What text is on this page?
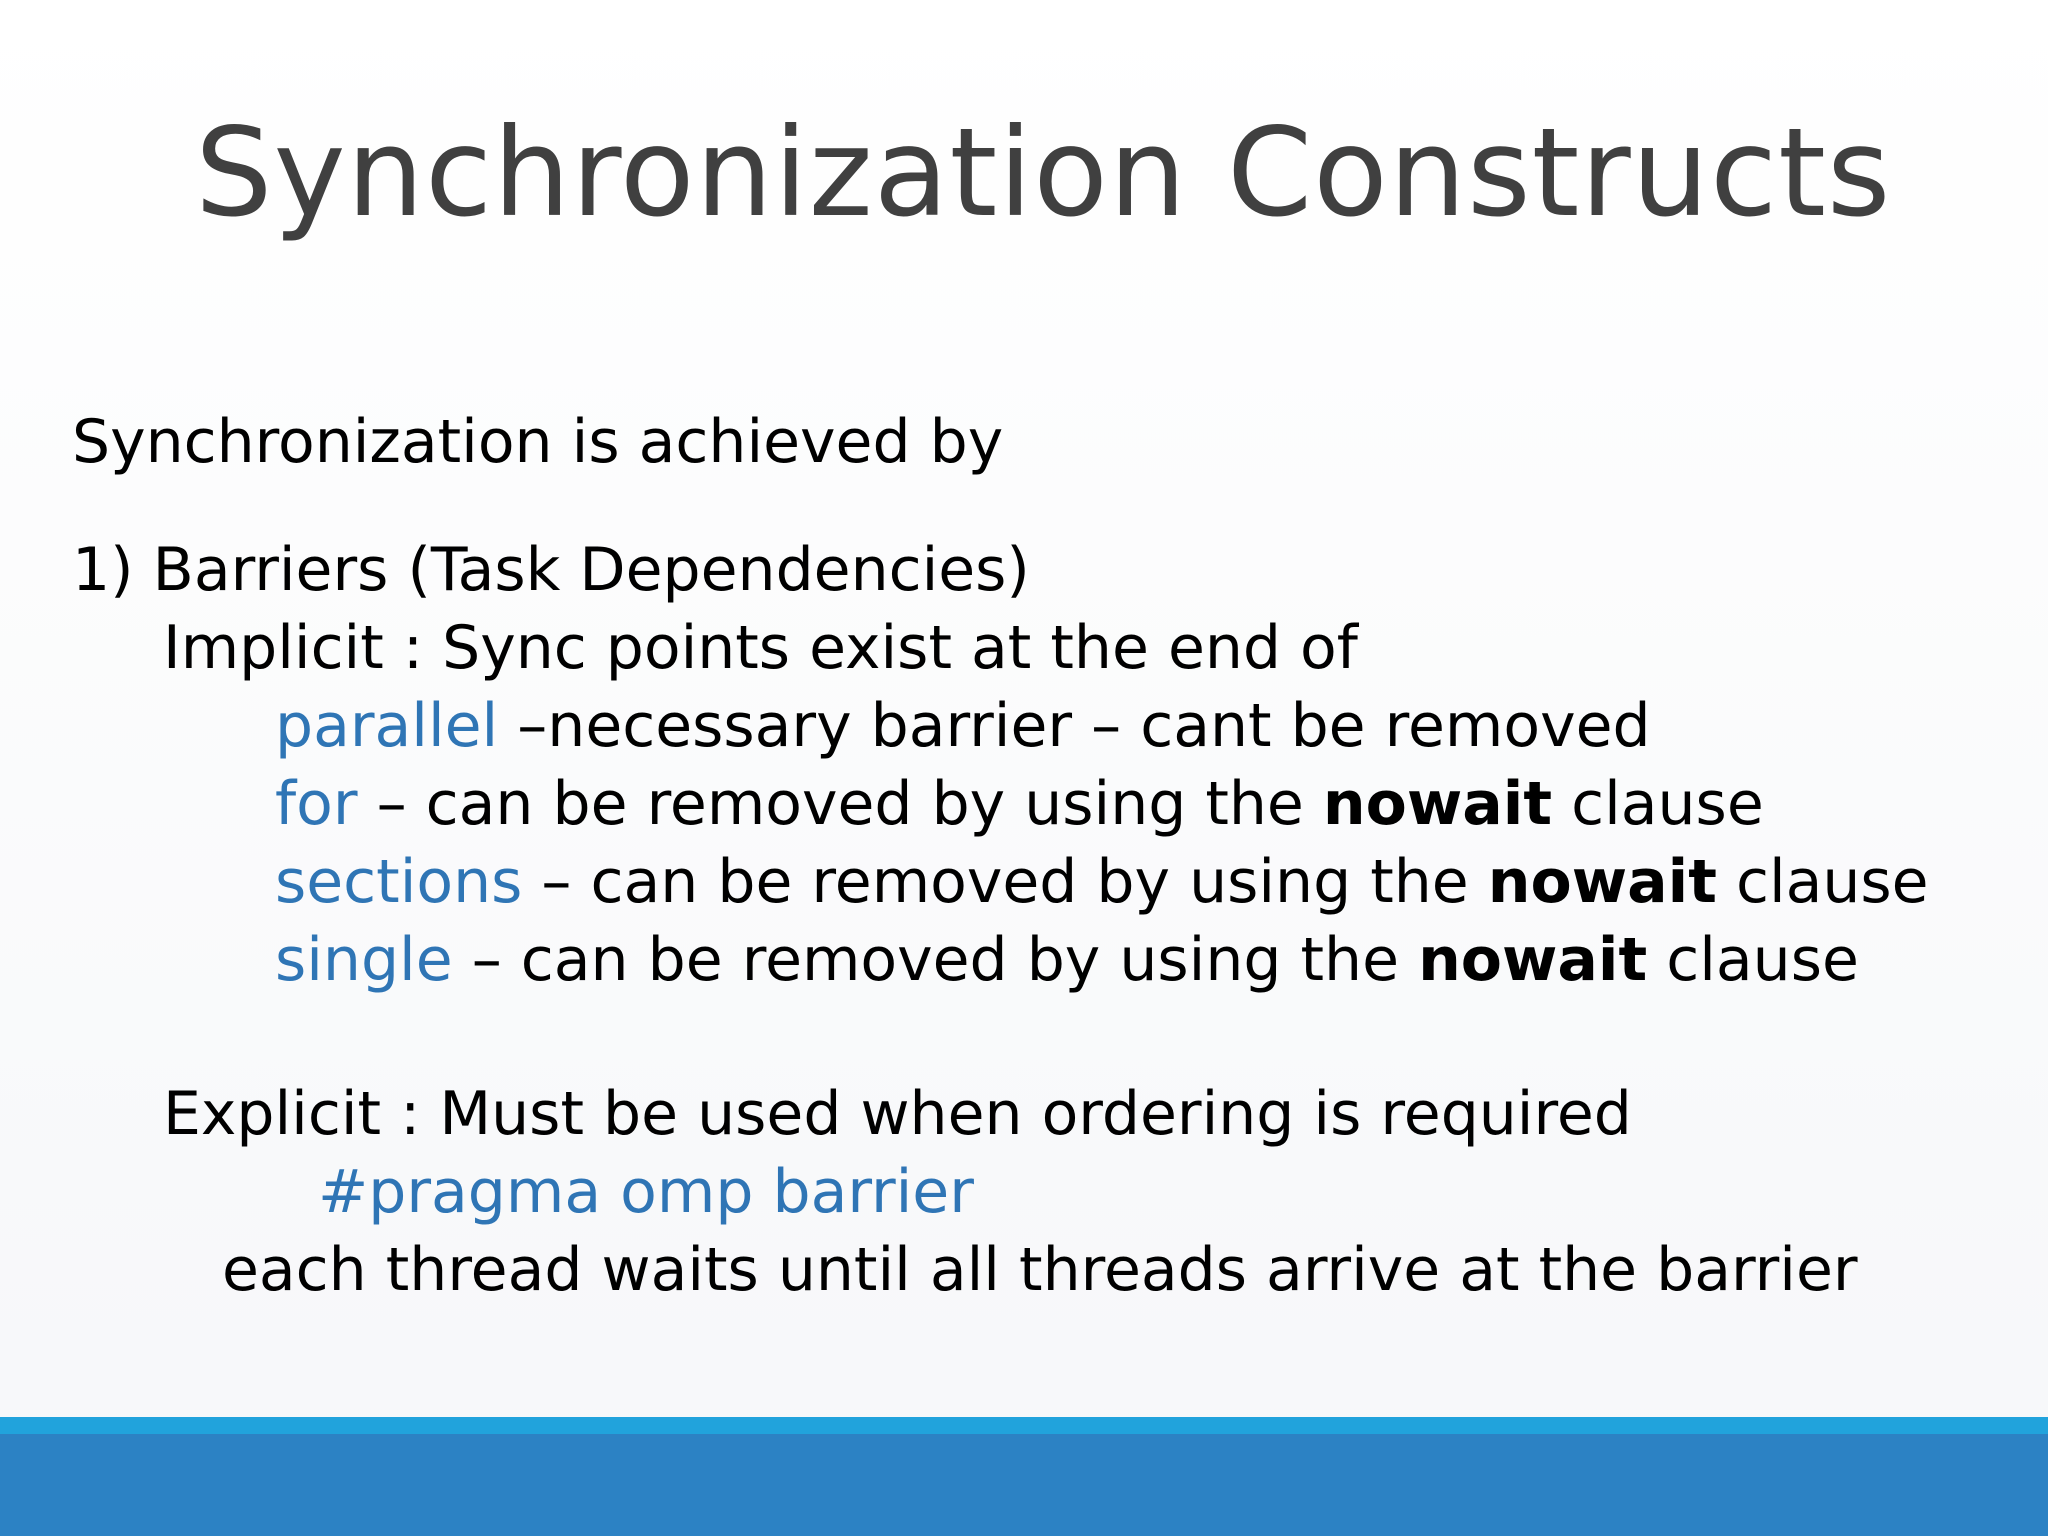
Synchronization Constructs
Synchronization is achieved by
1) Barriers (Task Dependencies)
Implicit : Sync points exist at the end of
parallel –necessary barrier – cant be removed
for – can be removed by using the nowait clause
sections – can be removed by using the nowait clause
single – can be removed by using the nowait clause
Explicit : Must be used when ordering is required
#pragma omp barrier
each thread waits until all threads arrive at the barrier
